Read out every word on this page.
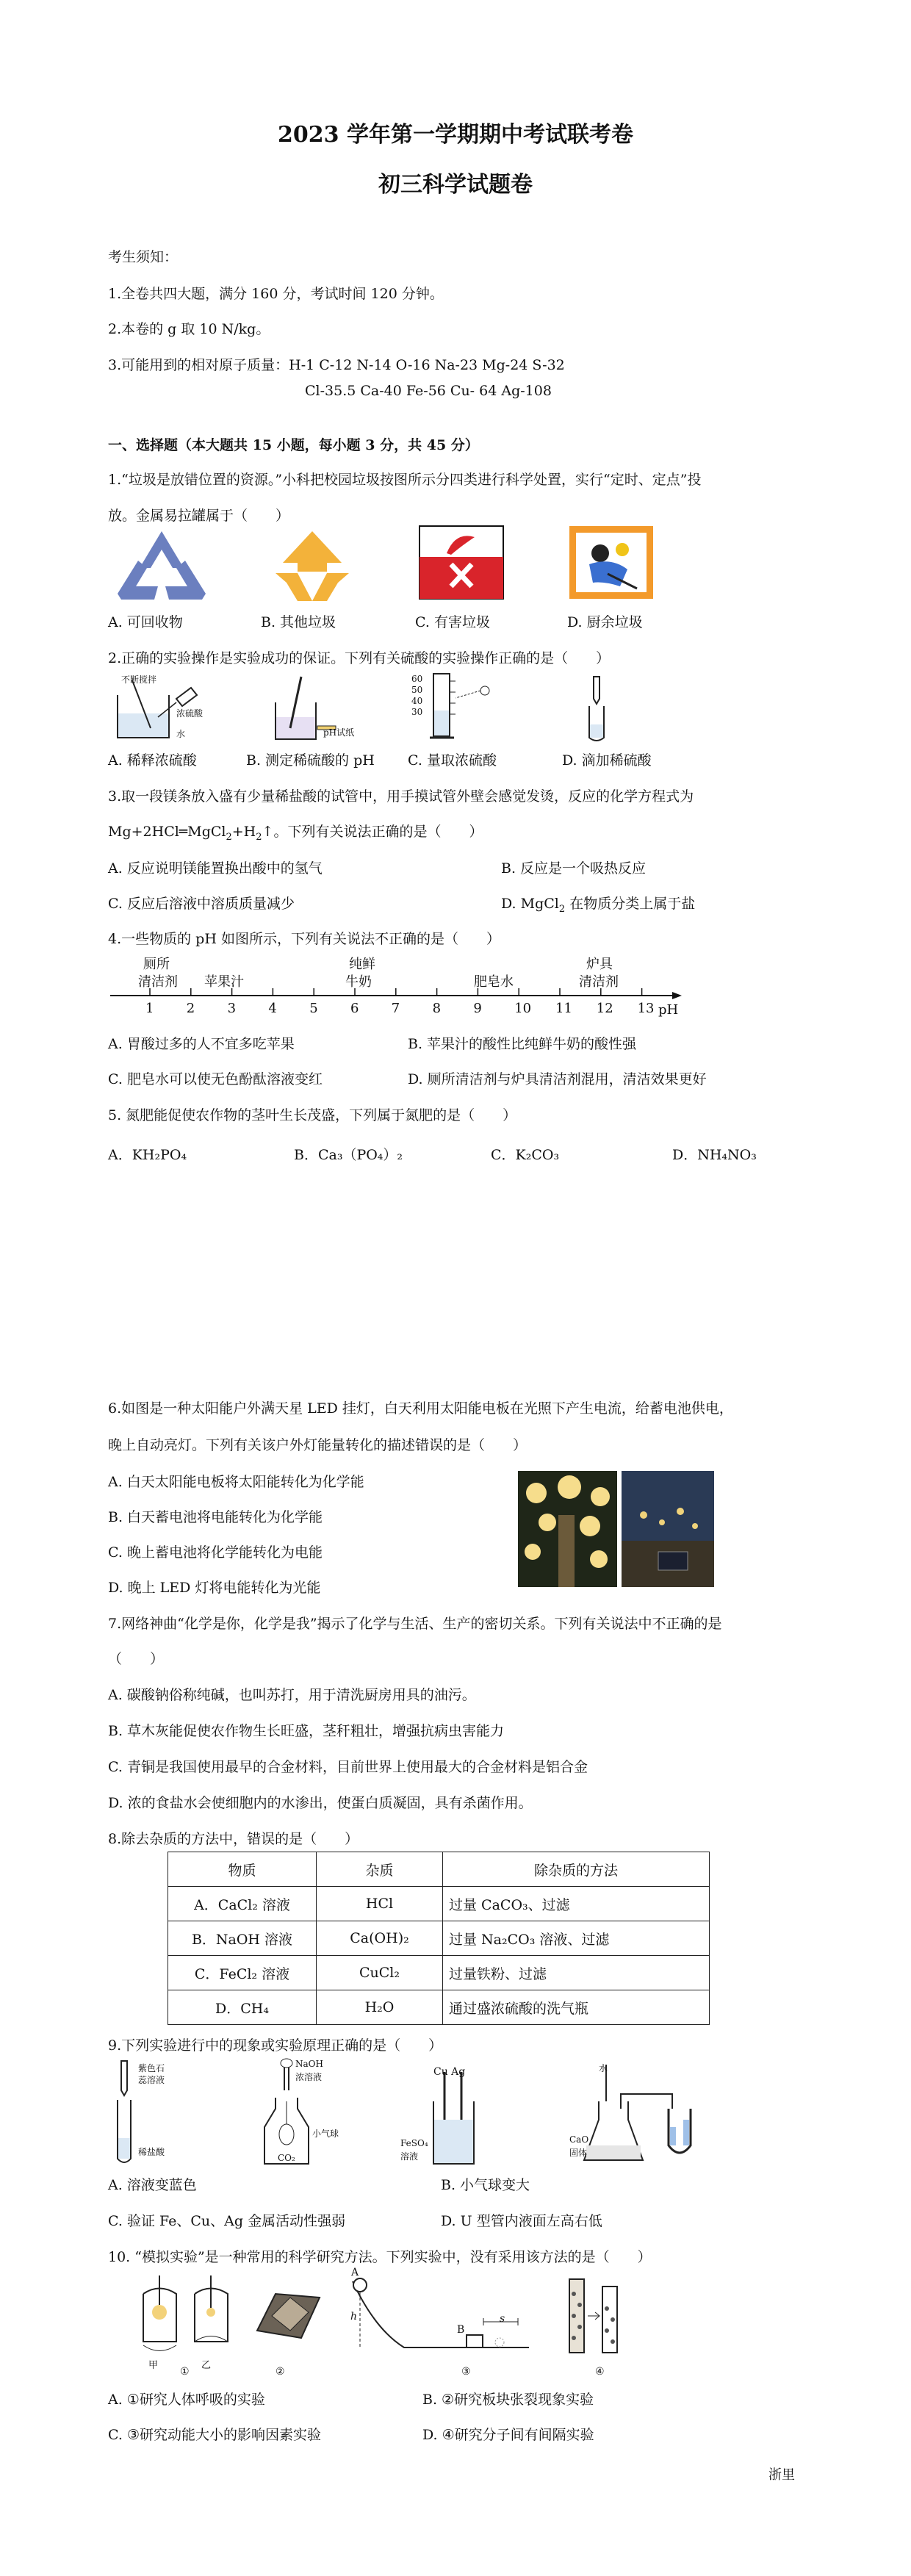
2023 学年第一学期期中考试联考卷
初三科学试题卷
考生须知：
1.全卷共四大题，满分 160 分，考试时间 120 分钟。
2.本卷的 g 取 10 N/kg。
3.可能用到的相对原子质量：H-1 C-12 N-14 O-16 Na-23 Mg-24 S-32
Cl-35.5 Ca-40 Fe-56 Cu- 64 Ag-108
一、选择题（本大题共 15 小题，每小题 3 分，共 45 分）
1.“垃圾是放错位置的资源。”小科把校园垃圾按图所示分四类进行科学处置，实行“定时、定点”投
放。金属易拉罐属于（　　）
A. 可回收物	B. 其他垃圾	C. 有害垃圾	D. 厨余垃圾
2.正确的实验操作是实验成功的保证。下列有关硫酸的实验操作正确的是（　　）
不断搅拌
浓硫酸
水	pH试纸
60
50
40
30
A. 稀释浓硫酸	B. 测定稀硫酸的 pH C. 量取浓硫酸	D. 滴加稀硫酸
3.取一段镁条放入盛有少量稀盐酸的试管中，用手摸试管外壁会感觉发烫，反应的化学方程式为
$Mg+2HCl═MgCl_2+H_2↑$。下列有关说法正确的是（　　）
A. 反应说明镁能置换出酸中的氢气	B. 反应是一个吸热反应
C. 反应后溶液中溶质质量减少	D. MgCl$_2$ 在物质分类上属于盐
4.一些物质的 pH 如图所示，下列有关说法不正确的是（　　）
1 2 3 4 5 6 7 8 9 10 11 12 13
厕所
清洁剂 苹果汁
纯鲜
牛奶	肥皂水
炉具
清洁剂
pH
A. 胃酸过多的人不宜多吃苹果	B. 苹果汁的酸性比纯鲜牛奶的酸性强
C. 肥皂水可以使无色酚酞溶液变红	D. 厕所清洁剂与炉具清洁剂混用，清洁效果更好
5. 氮肥能促使农作物的茎叶生长茂盛，下列属于氮肥的是（　　）
A．KH₂PO₄	B．Ca₃（PO₄）₂	C．K₂CO₃	D．NH₄NO₃
6.如图是一种太阳能户外满天星 LED 挂灯，白天利用太阳能电板在光照下产生电流，给蓄电池供电，
晚上自动亮灯。下列有关该户外灯能量转化的描述错误的是（　　）
A. 白天太阳能电板将太阳能转化为化学能
B. 白天蓄电池将电能转化为化学能
C. 晚上蓄电池将化学能转化为电能
D. 晚上 LED 灯将电能转化为光能
7.网络神曲“化学是你，化学是我”揭示了化学与生活、生产的密切关系。下列有关说法中不正确的是
（　　）
A. 碳酸钠俗称纯碱，也叫苏打，用于清洗厨房用具的油污。
B. 草木灰能促使农作物生长旺盛，茎秆粗壮，增强抗病虫害能力
C. 青铜是我国使用最早的合金材料，目前世界上使用最大的合金材料是铝合金
D. 浓的食盐水会使细胞内的水渗出，使蛋白质凝固，具有杀菌作用。
8.除去杂质的方法中，错误的是（　　）
物质	杂质	除杂质的方法
A．CaCl₂ 溶液	HCl	过量 CaCO₃、过滤
B．NaOH 溶液	Ca(OH)₂	过量 Na₂CO₃ 溶液、过滤
C．FeCl₂ 溶液	CuCl₂	过量铁粉、过滤
D．CH₄	H₂O	通过盛浓硫酸的洗气瓶
9.下列实验进行中的现象或实验原理正确的是（　　）
紫色石
蕊溶液
稀盐酸
NaOH
浓溶液
小气球
CO₂
Cu Ag
FeSO₄
溶液
水
CaO
固体
A. 溶液变蓝色	B. 小气球变大
C. 验证 Fe、Cu、Ag 金属活动性强弱	D. U 型管内液面左高右低
10. “模拟实验”是一种常用的科学研究方法。下列实验中，没有采用该方法的是（　　）
A
h
B
s
甲	乙
①	②	③	④
A. ①研究人体呼吸的实验	B. ②研究板块张裂现象实验
C. ③研究动能大小的影响因素实验	D. ④研究分子间有间隔实验
浙里
